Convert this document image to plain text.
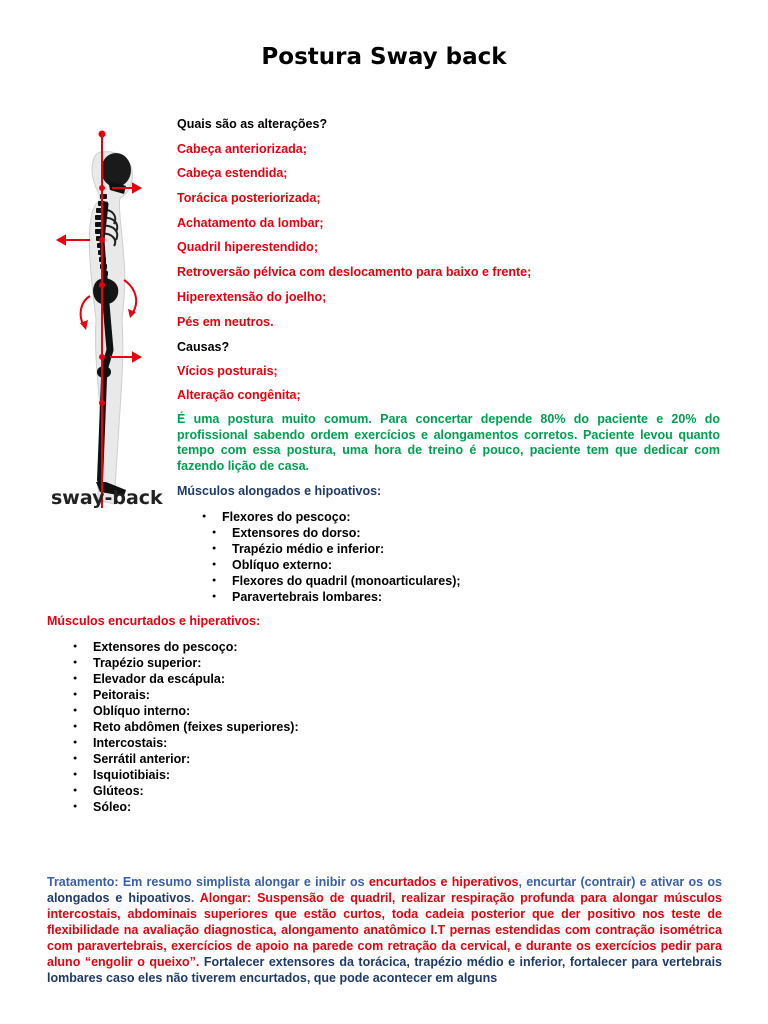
Postura Sway back
sway-back
Quais são as alterações?
Cabeça anteriorizada;
Cabeça estendida;
Torácica posteriorizada;
Achatamento da lombar;
Quadril hiperestendido;
Retroversão pélvica com deslocamento para baixo e frente;
Hiperextensão do joelho;
Pés em neutros.
Causas?
Vícios posturais;
Alteração congênita;
É uma postura muito comum. Para concertar depende 80% do paciente e 20% do profissional sabendo ordem exercícios e alongamentos corretos. Paciente levou quanto tempo com essa postura, uma hora de treino é pouco, paciente tem que dedicar com fazendo lição de casa.
Músculos alongados e hipoativos:
● Flexores do pescoço:
● Extensores do dorso:
● Trapézio médio e inferior:
● Oblíquo externo:
● Flexores do quadril (monoarticulares);
● Paravertebrais lombares:
Músculos encurtados e hiperativos:
● Extensores do pescoço:
● Trapézio superior:
● Elevador da escápula:
● Peitorais:
● Oblíquo interno:
● Reto abdômen (feixes superiores):
● Intercostais:
● Serrátil anterior:
● Isquiotibiais:
● Glúteos:
● Sóleo:
Tratamento: Em resumo simplista alongar e inibir os encurtados e hiperativos, encurtar (contrair) e ativar os os alongados e hipoativos. Alongar: Suspensão de quadril, realizar respiração profunda para alongar músculos intercostais, abdominais superiores que estão curtos, toda cadeia posterior que der positivo nos teste de flexibilidade na avaliação diagnostica, alongamento anatômico I.T pernas estendidas com contração isométrica com paravertebrais, exercícios de apoio na parede com retração da cervical, e durante os exercícios pedir para aluno “engolir o queixo”. Fortalecer extensores da torácica, trapézio médio e inferior, fortalecer para vertebrais lombares caso eles não tiverem encurtados, que pode acontecer em alguns
